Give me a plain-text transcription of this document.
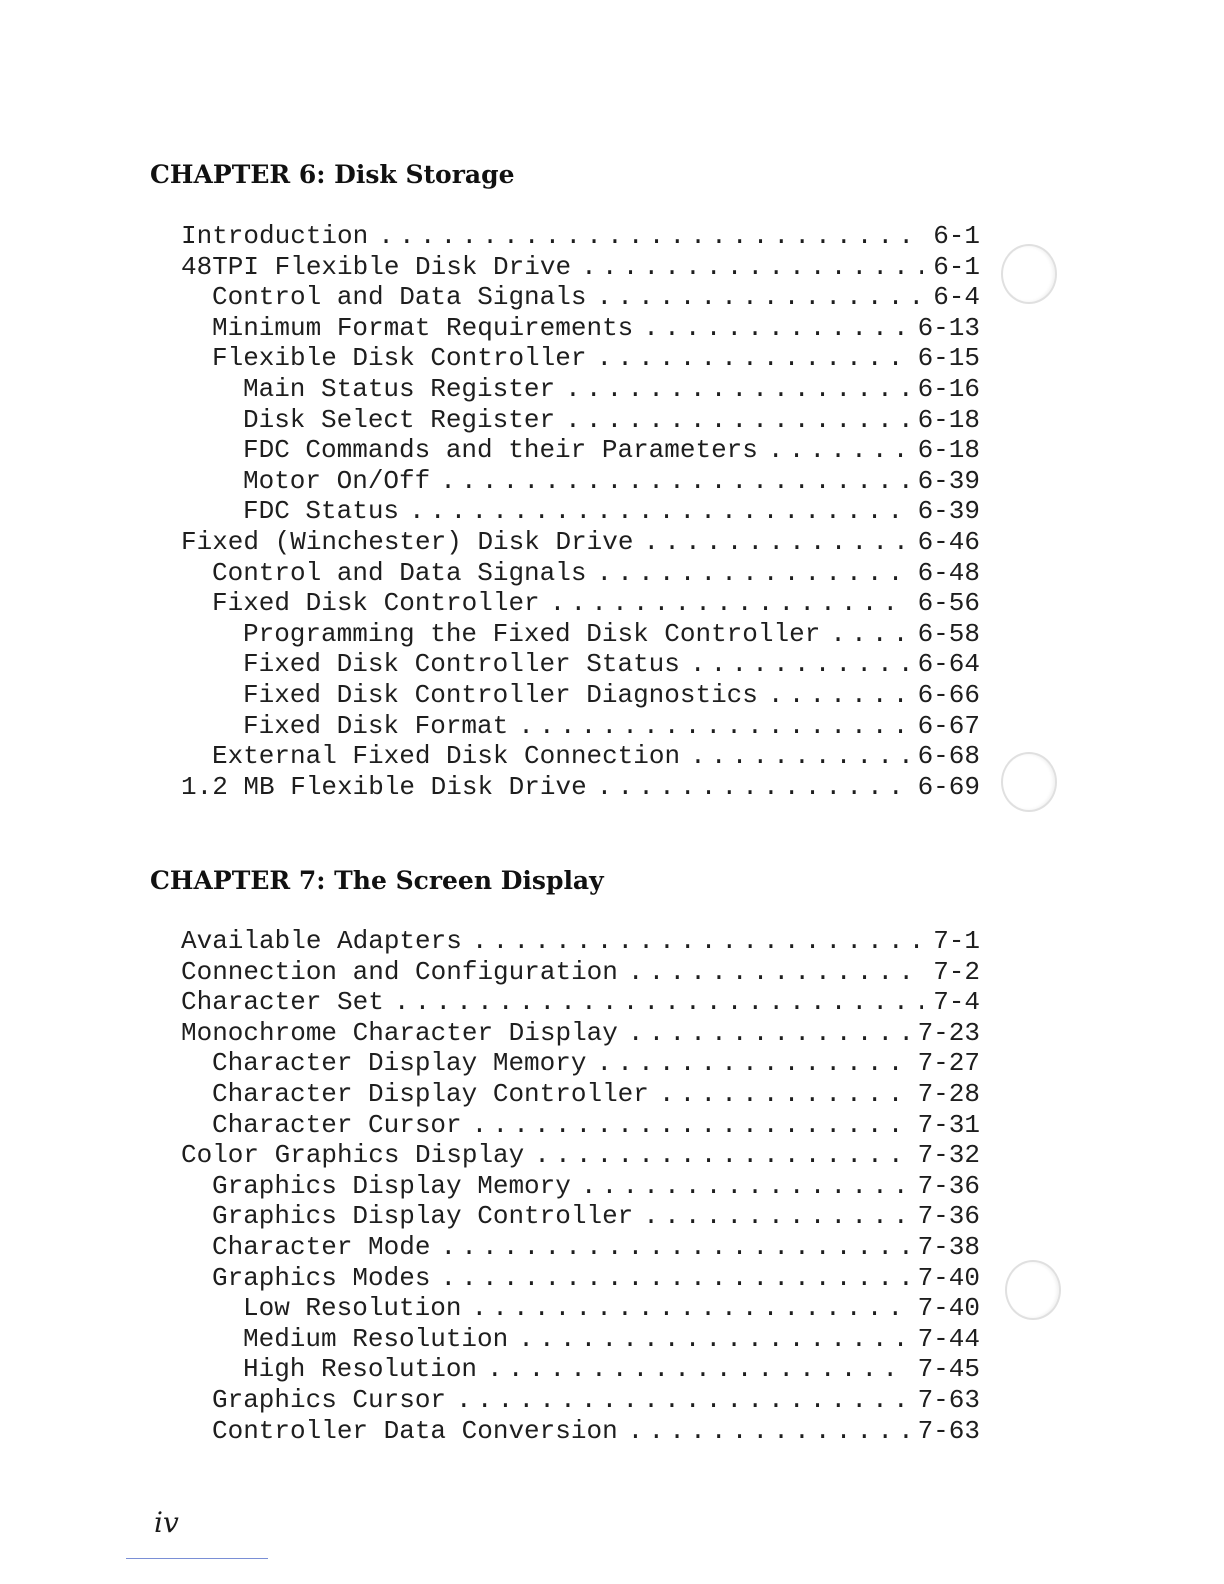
CHAPTER 6: Disk Storage
Introduction . . .	6-1
48TPI Flexible Disk Drive . . .	6-1
Control and Data Signals . . .	6-4
Minimum Format Requirements . . .	6-13
Flexible Disk Controller . . .	6-15
Main Status Register . . .	6-16
Disk Select Register . . .	6-18
FDC Commands and their Parameters . . .	6-18
Motor On/Off . . .	6-39
FDC Status . . .	6-39
Fixed (Winchester) Disk Drive . . .	6-46
Control and Data Signals . . .	6-48
Fixed Disk Controller . . .	6-56
Programming the Fixed Disk Controller . . .	6-58
Fixed Disk Controller Status . . .	6-64
Fixed Disk Controller Diagnostics . . .	6-66
Fixed Disk Format . . .	6-67
External Fixed Disk Connection . . .	6-68
1.2 MB Flexible Disk Drive . . .	6-69
CHAPTER 7: The Screen Display
Available Adapters . . .	7-1
Connection and Configuration . . .	7-2
Character Set . . .	7-4
Monochrome Character Display . . .	7-23
Character Display Memory . . .	7-27
Character Display Controller . . .	7-28
Character Cursor . . .	7-31
Color Graphics Display . . .	7-32
Graphics Display Memory . . .	7-36
Graphics Display Controller . . .	7-36
Character Mode . . .	7-38
Graphics Modes . . .	7-40
Low Resolution . . .	7-40
Medium Resolution . . .	7-44
High Resolution . . .	7-45
Graphics Cursor . . .	7-63
Controller Data Conversion . . .	7-63

iv
